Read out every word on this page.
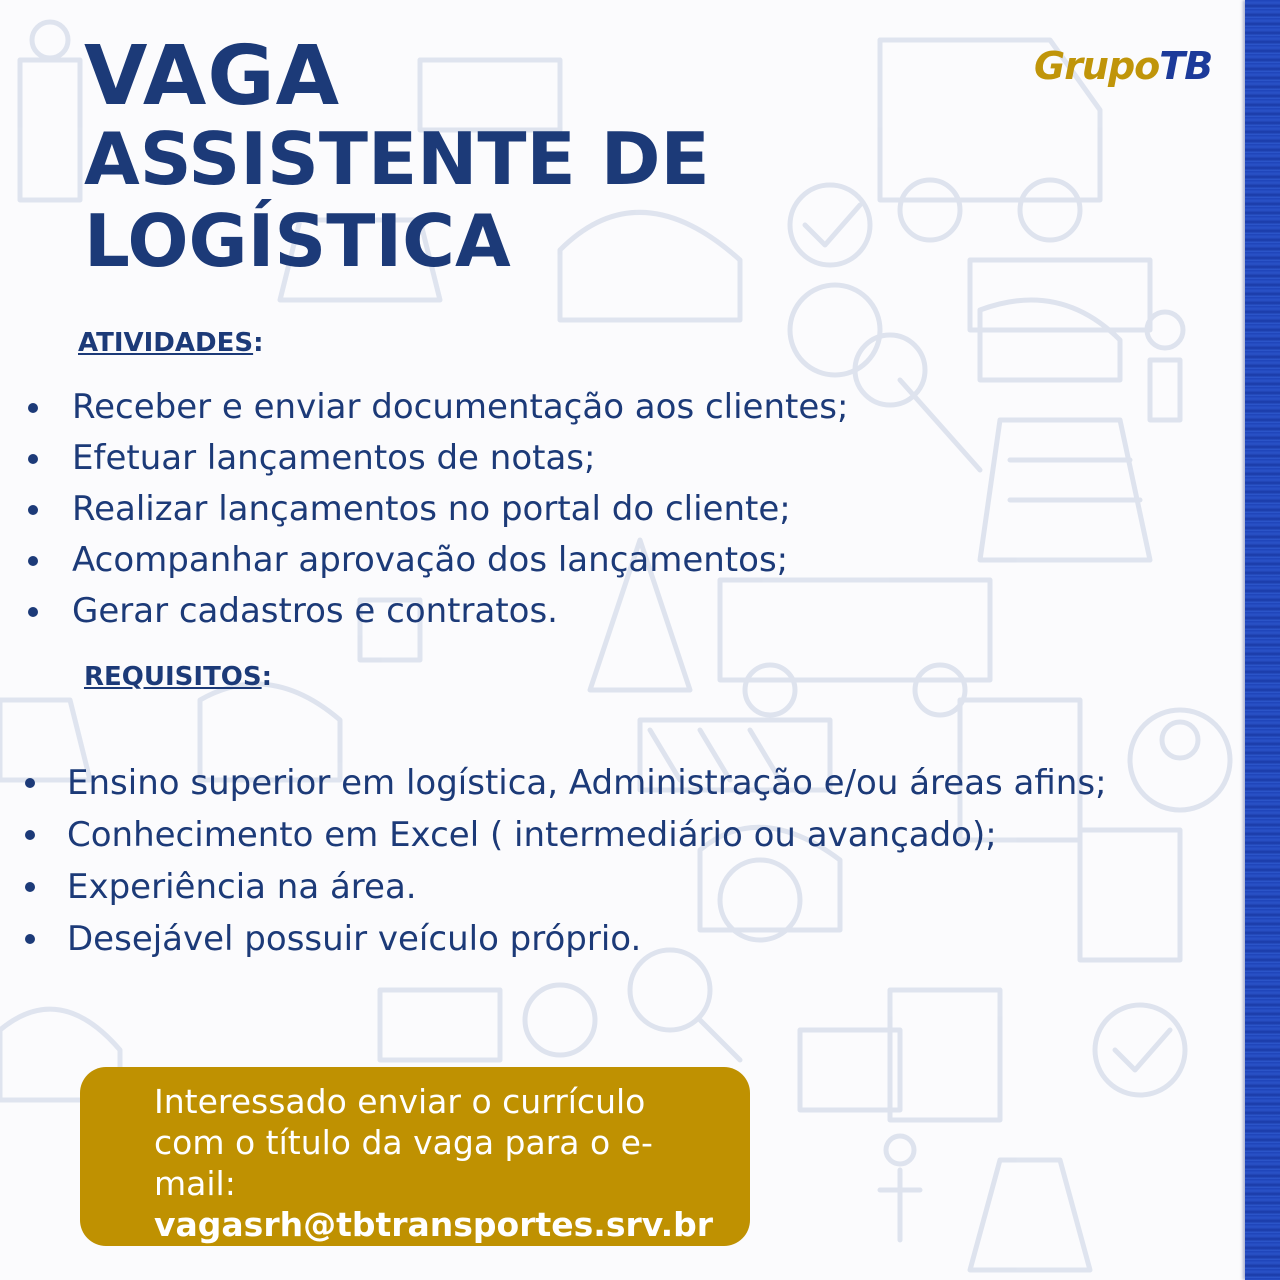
VAGA
ASSISTENTE DE
LOGÍSTICA
GrupoTB
ATIVIDADES:
Receber e enviar documentação aos clientes;
Efetuar lançamentos de notas;
Realizar lançamentos no portal do cliente;
Acompanhar aprovação dos lançamentos;
Gerar cadastros e contratos.
REQUISITOS:
Ensino superior em logística, Administração e/ou áreas afins;
Conhecimento em Excel ( intermediário ou avançado);
Experiência na área.
Desejável possuir veículo próprio.
Interessado enviar o currículo
com o título da vaga para o e-
mail:
vagasrh@tbtransportes.srv.br
